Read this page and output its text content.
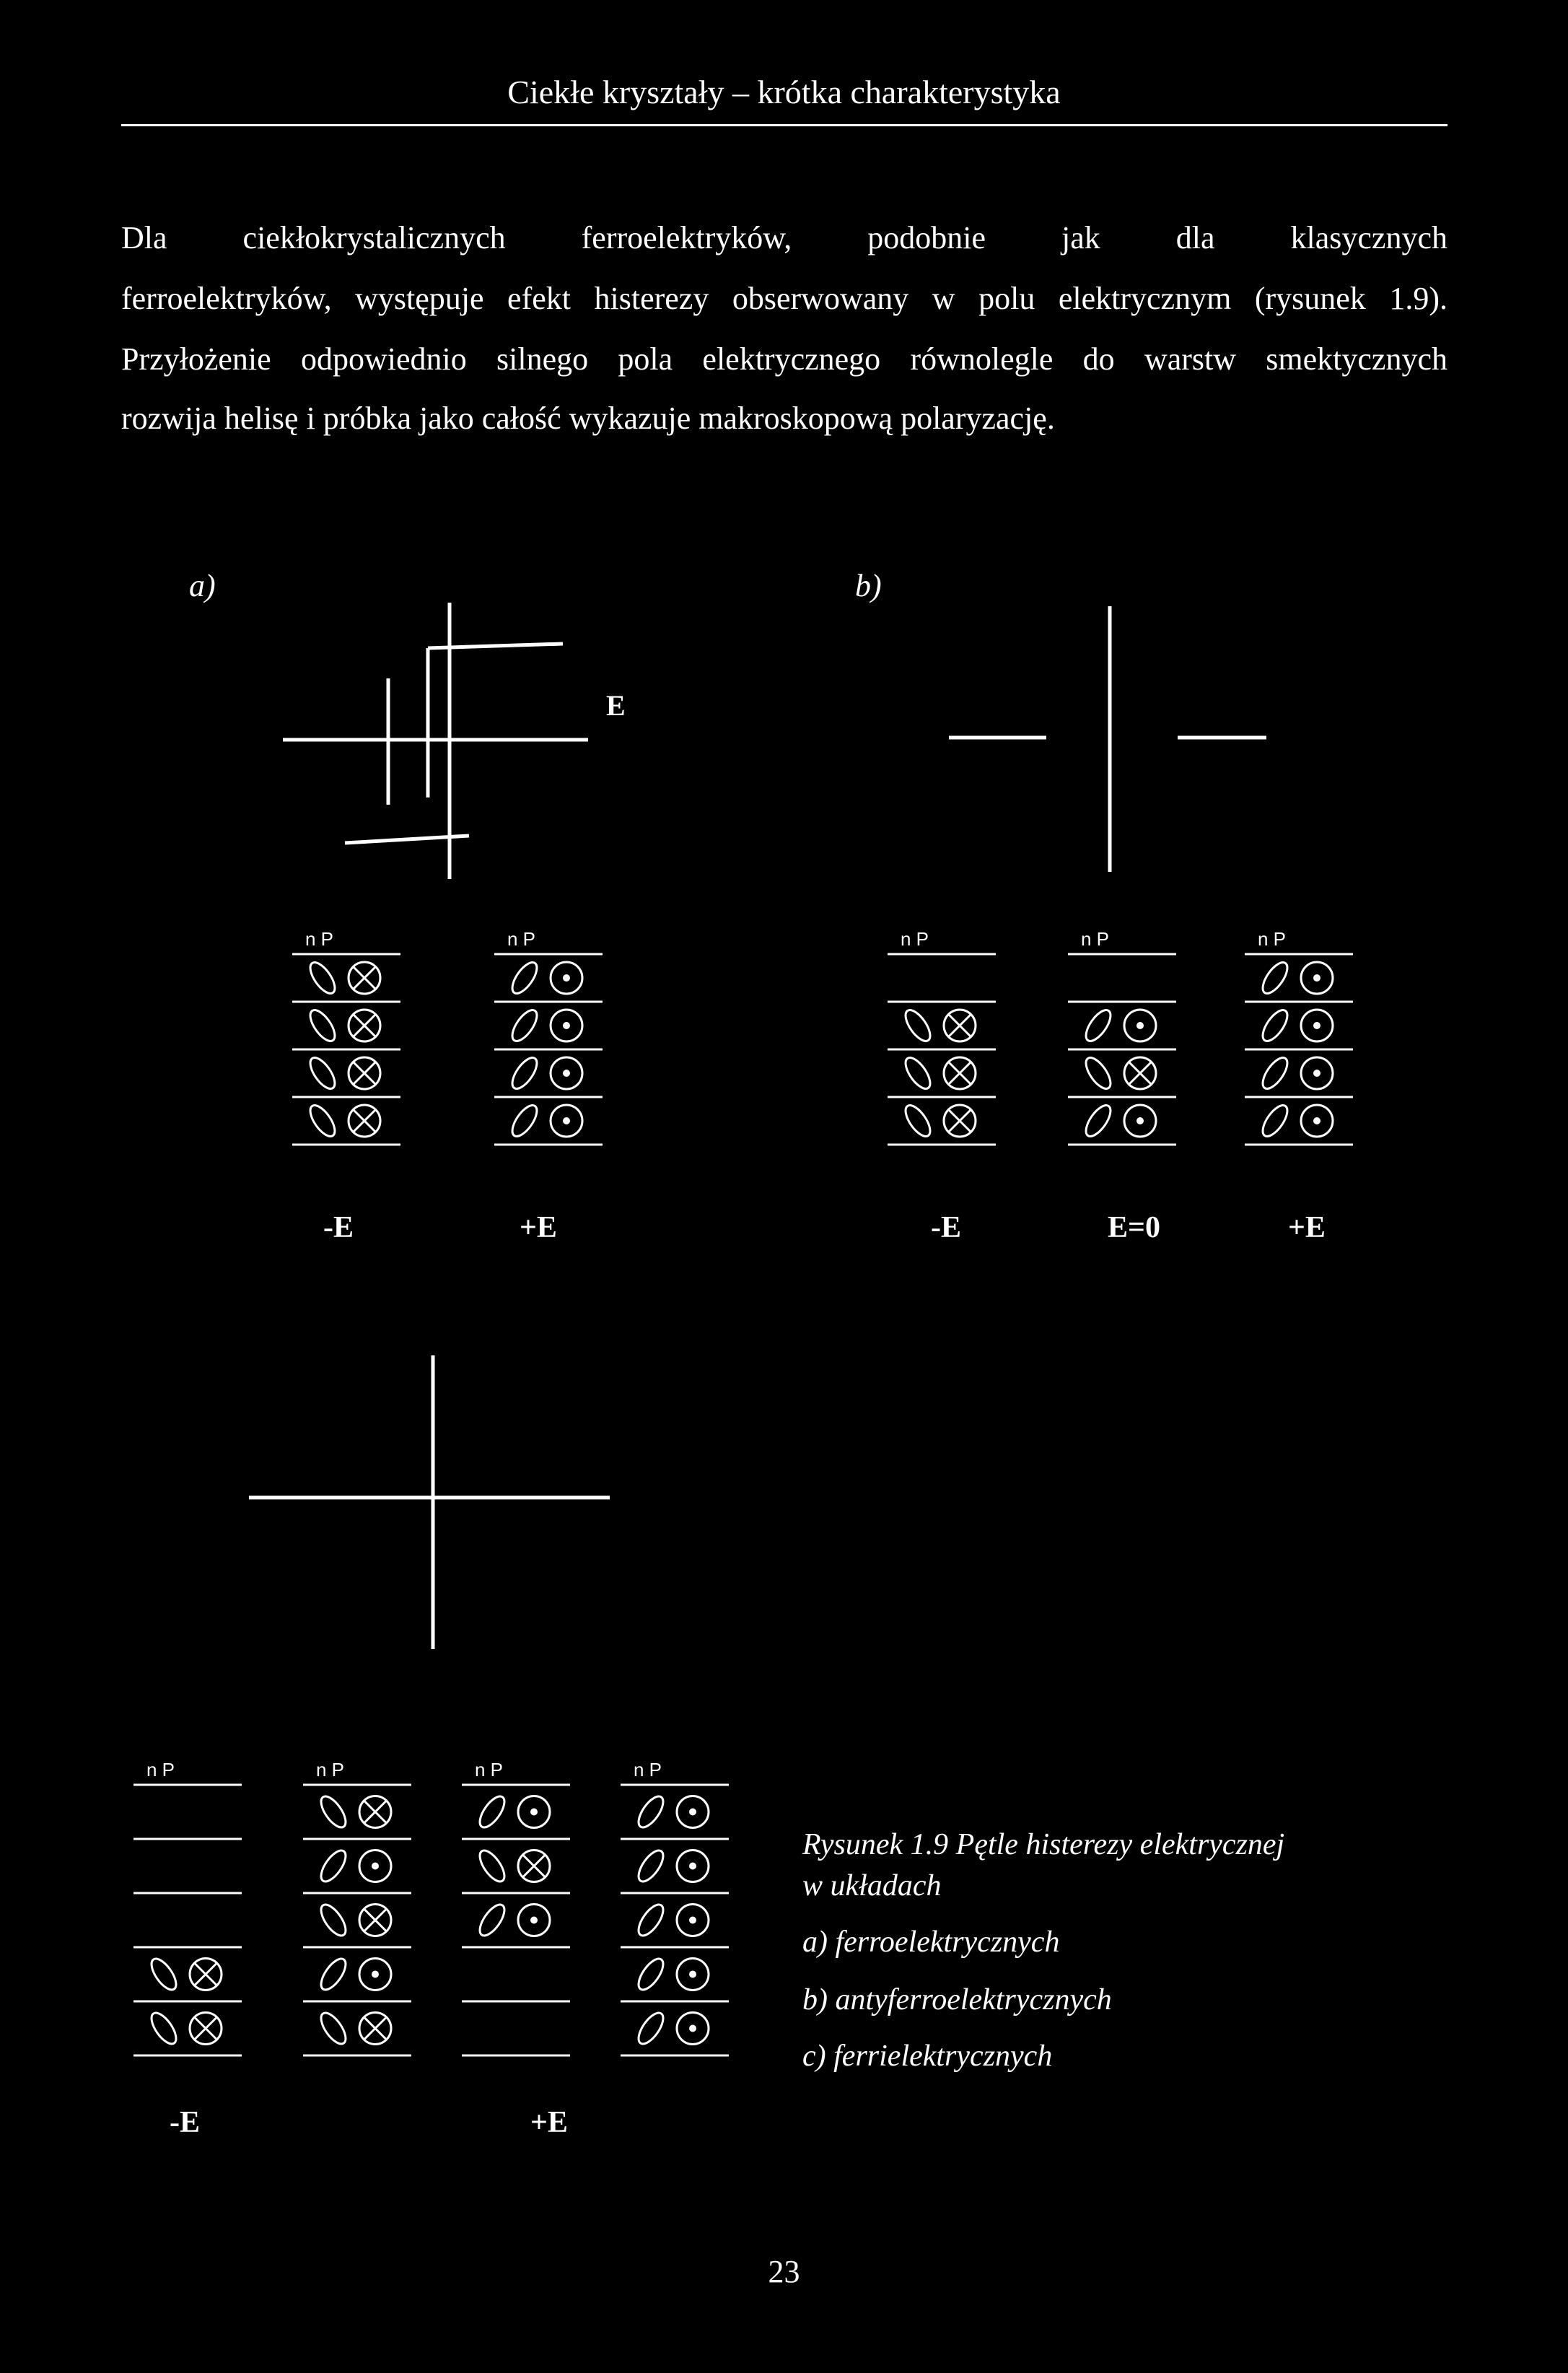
Ciekłe kryształy – krótka charakterystyka
Dla ciekłokrystalicznych ferroelektryków, podobnie jak dla klasycznych
ferroelektryków, występuje efekt histerezy obserwowany w polu elektrycznym (rysunek 1.9).
Przyłożenie odpowiednio silnego pola elektrycznego równolegle do warstw smektycznych
rozwija helisę i próbka jako całość wykazuje makroskopową polaryzację.
n P	n P	n P	n P	n P
n P	n P	n P	n P
a)	b)
E
-E	+E	-E	E=0	+E
-E	+E
Rysunek 1.9 Pętle histerezy elektrycznej
w układach
a) ferroelektrycznych
b) antyferroelektrycznych
c) ferrielektrycznych
23
